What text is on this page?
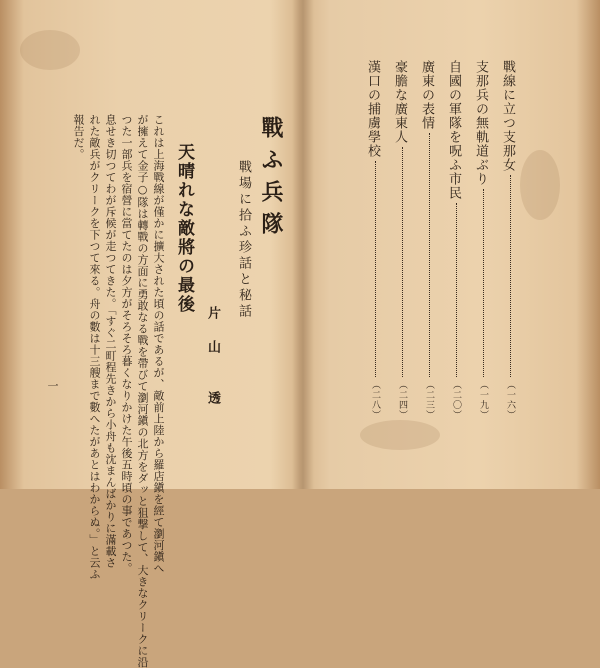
戰ふ兵隊
戰場に拾ふ珍話と秘話
片　山　　透
天晴れな敵將の最後
これは上海戰線が僅かに擴大された頃の話であるが、敵前上陸から羅店鎭を經て瀏河鎭へ
が擁えて金子○隊は轉戰の方面に勇敢なる戰を帶びて瀏河鎭の北方をダッと狙撃して、大きなクリークに沿
つた一部兵を宿營に當てたのは夕方がそろそろ暮くなりかけた午後五時頃の事であつた。
息せき切つてわが斥候が走つてきた。「すぐ二町程先きから小舟も沈まんばかりに滿載さ
れた敵兵がクリークを下つて來る。舟の數は十三艘まで數へたがあとはわからぬ。」と云ふ
報告だ。
一
戰線に立つ支那女
（一六）
支那兵の無軌道ぶり
（一九）
自國の軍隊を呪ふ市民
（二〇）
廣東の表情
（二三）
豪膽な廣東人
（二四）
漢口の捕虜學校
（二八）
